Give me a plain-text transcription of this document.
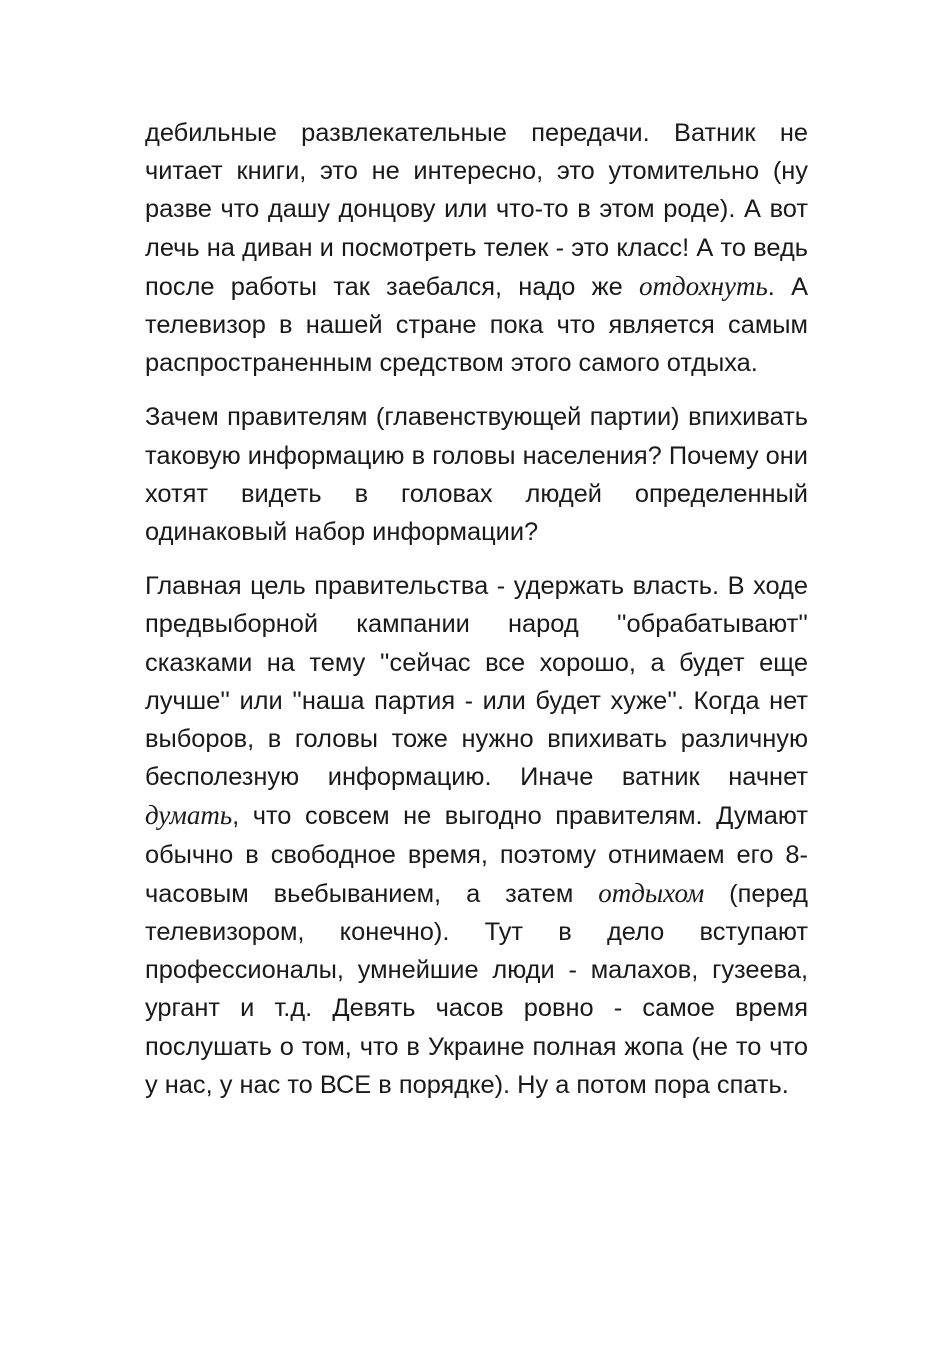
дебильные развлекательные передачи. Ватник не читает книги, это не интересно, это утомительно (ну разве что дашу донцову или что-то в этом роде). А вот лечь на диван и посмотреть телек - это класс! А то ведь после работы так заебался, надо же отдохнуть. А телевизор в нашей стране пока что является самым распространенным средством этого самого отдыха.

Зачем правителям (главенствующей партии) впихивать таковую информацию в головы населения? Почему они хотят видеть в головах людей определенный одинаковый набор информации?

Главная цель правительства - удержать власть. В ходе предвыборной кампании народ ''обрабатывают'' сказками на тему ''сейчас все хорошо, а будет еще лучше'' или ''наша партия - или будет хуже''. Когда нет выборов, в головы тоже нужно впихивать различную бесполезную информацию. Иначе ватник начнет думать, что совсем не выгодно правителям. Думают обычно в свободное время, поэтому отнимаем его 8-часовым вьебыванием, а затем отдыхом (перед телевизором, конечно). Тут в дело вступают профессионалы, умнейшие люди - малахов, гузеева, ургант и т.д. Девять часов ровно - самое время послушать о том, что в Украине полная жопа (не то что у нас, у нас то ВСЕ в порядке). Ну а потом пора спать.
